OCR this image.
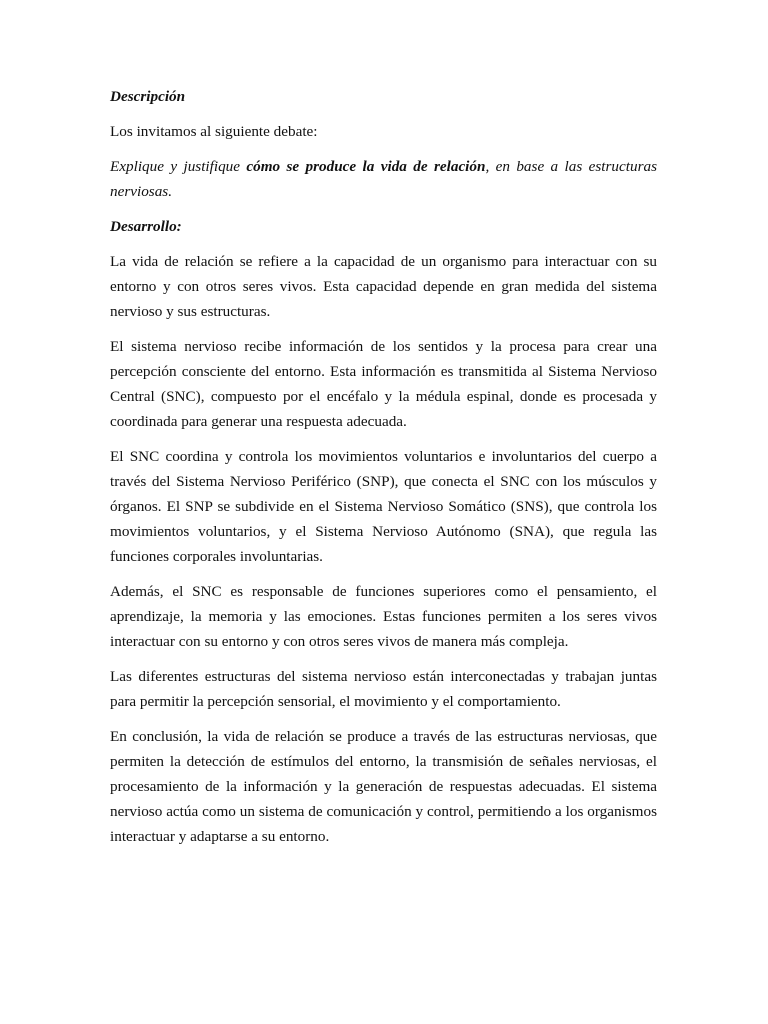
Descripción

Los invitamos al siguiente debate:

Explique y justifique cómo se produce la vida de relación, en base a las estructuras nerviosas.

Desarrollo:

La vida de relación se refiere a la capacidad de un organismo para interactuar con su entorno y con otros seres vivos. Esta capacidad depende en gran medida del sistema nervioso y sus estructuras.

El sistema nervioso recibe información de los sentidos y la procesa para crear una percepción consciente del entorno. Esta información es transmitida al Sistema Nervioso Central (SNC), compuesto por el encéfalo y la médula espinal, donde es procesada y coordinada para generar una respuesta adecuada.

El SNC coordina y controla los movimientos voluntarios e involuntarios del cuerpo a través del Sistema Nervioso Periférico (SNP), que conecta el SNC con los músculos y órganos. El SNP se subdivide en el Sistema Nervioso Somático (SNS), que controla los movimientos voluntarios, y el Sistema Nervioso Autónomo (SNA), que regula las funciones corporales involuntarias.

Además, el SNC es responsable de funciones superiores como el pensamiento, el aprendizaje, la memoria y las emociones. Estas funciones permiten a los seres vivos interactuar con su entorno y con otros seres vivos de manera más compleja.

Las diferentes estructuras del sistema nervioso están interconectadas y trabajan juntas para permitir la percepción sensorial, el movimiento y el comportamiento.

En conclusión, la vida de relación se produce a través de las estructuras nerviosas, que permiten la detección de estímulos del entorno, la transmisión de señales nerviosas, el procesamiento de la información y la generación de respuestas adecuadas. El sistema nervioso actúa como un sistema de comunicación y control, permitiendo a los organismos interactuar y adaptarse a su entorno.
